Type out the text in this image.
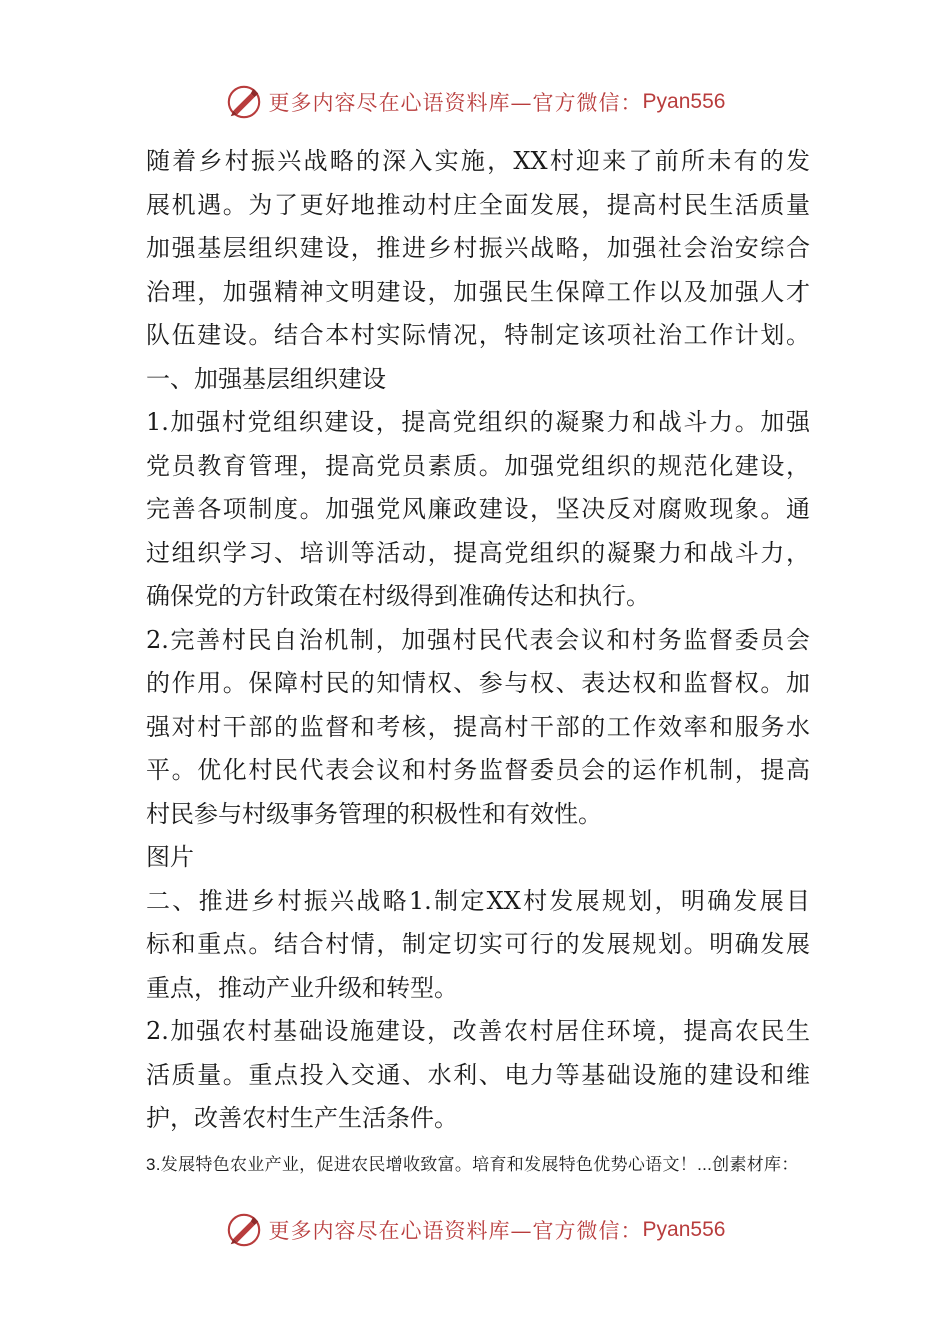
更多内容尽在心语资料库—官方微信： Pyan556
随着乡村振兴战略的深入实施，XX村迎来了前所未有的发
展机遇。为了更好地推动村庄全面发展，提高村民生活质量
加强基层组织建设，推进乡村振兴战略，加强社会治安综合
治理，加强精神文明建设，加强民生保障工作以及加强人才
队伍建设。结合本村实际情况，特制定该项社治工作计划。
一、加强基层组织建设
1.加强村党组织建设，提高党组织的凝聚力和战斗力。加强
党员教育管理，提高党员素质。加强党组织的规范化建设，
完善各项制度。加强党风廉政建设，坚决反对腐败现象。通
过组织学习、培训等活动，提高党组织的凝聚力和战斗力，
确保党的方针政策在村级得到准确传达和执行。
2.完善村民自治机制，加强村民代表会议和村务监督委员会
的作用。保障村民的知情权、参与权、表达权和监督权。加
强对村干部的监督和考核，提高村干部的工作效率和服务水
平。优化村民代表会议和村务监督委员会的运作机制，提高
村民参与村级事务管理的积极性和有效性。
图片
二、推进乡村振兴战略1.制定XX村发展规划，明确发展目
标和重点。结合村情，制定切实可行的发展规划。明确发展
重点，推动产业升级和转型。
2.加强农村基础设施建设，改善农村居住环境，提高农民生
活质量。重点投入交通、水利、电力等基础设施的建设和维
护，改善农村生产生活条件。
3.发展特色农业产业，促进农民增收致富。培育和发展特色优势心语文！...创素材库：
更多内容尽在心语资料库—官方微信： Pyan556
